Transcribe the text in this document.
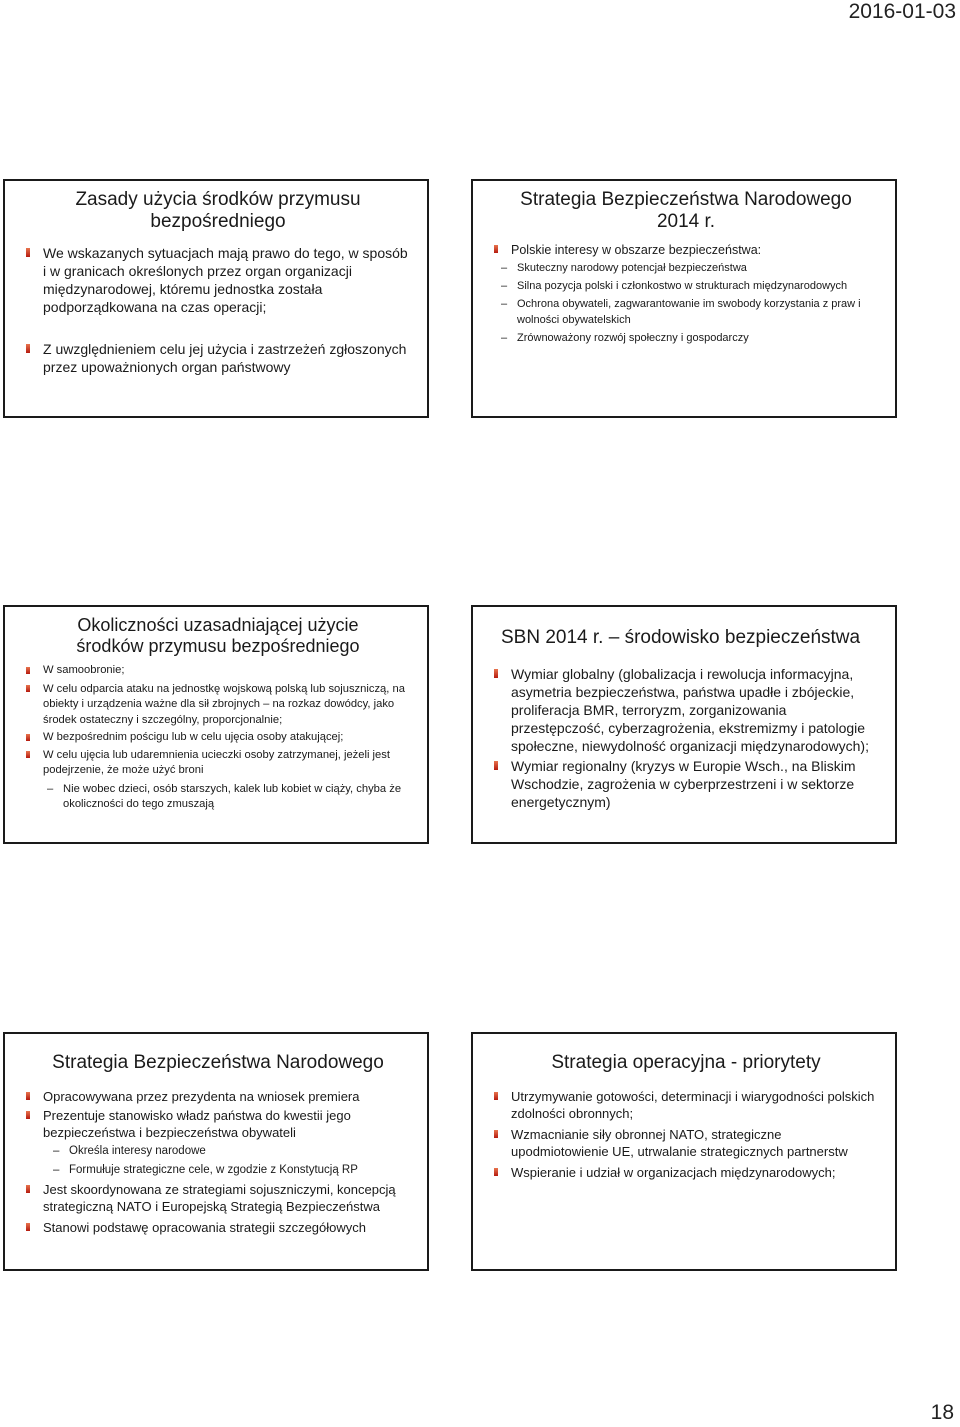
2016-01-03
Zasady użycia środków przymusu bezpośredniego
We wskazanych sytuacjach mają prawo do tego, w sposób i w granicach określonych przez organ organizacji międzynarodowej, któremu jednostka została podporządkowana na czas operacji;
Z uwzględnieniem celu jej użycia i zastrzeżeń zgłoszonych przez upoważnionych organ państwowy
Strategia Bezpieczeństwa Narodowego 2014 r.
Polskie interesy w obszarze bezpieczeństwa:
– Skuteczny narodowy potencjał bezpieczeństwa
– Silna pozycja polski i członkostwo w strukturach międzynarodowych
– Ochrona obywateli, zagwarantowanie im swobody korzystania z praw i wolności obywatelskich
– Zrównoważony rozwój społeczny i gospodarczy
Okoliczności uzasadniającej użycie środków przymusu bezpośredniego
W samoobronie;
W celu odparcia ataku na jednostkę wojskową polską lub sojuszniczą, na obiekty i urządzenia ważne dla sił zbrojnych – na rozkaz dowódcy, jako środek ostateczny i szczególny, proporcjonalnie;
W bezpośrednim pościgu lub w celu ujęcia osoby atakującej;
W celu ujęcia lub udaremnienia ucieczki osoby zatrzymanej, jeżeli jest podejrzenie, że może użyć broni
– Nie wobec dzieci, osób starszych, kalek lub kobiet w ciąży, chyba że okoliczności do tego zmuszają
SBN 2014 r. – środowisko bezpieczeństwa
Wymiar globalny (globalizacja i rewolucja informacyjna, asymetria bezpieczeństwa, państwa upadłe i zbójeckie, proliferacja BMR, terroryzm, zorganizowania przestępczość, cyberzagrożenia, ekstremizmy i patologie społeczne, niewydolność organizacji międzynarodowych);
Wymiar regionalny (kryzys w Europie Wsch., na Bliskim Wschodzie, zagrożenia w cyberprzestrzeni i w sektorze energetycznym)
Strategia Bezpieczeństwa Narodowego
Opracowywana przez prezydenta na wniosek premiera
Prezentuje stanowisko władz państwa do kwestii jego bezpieczeństwa i bezpieczeństwa obywateli
– Określa interesy narodowe
– Formułuje strategiczne cele, w zgodzie z Konstytucją RP
Jest skoordynowana ze strategiami sojuszniczymi, koncepcją strategiczną NATO i Europejską Strategią Bezpieczeństwa
Stanowi podstawę opracowania strategii szczegółowych
Strategia operacyjna - priorytety
Utrzymywanie gotowości, determinacji i wiarygodności polskich zdolności obronnych;
Wzmacnianie siły obronnej NATO, strategiczne upodmiotowienie UE, utrwalanie strategicznych partnerstw
Wspieranie i udział w organizacjach międzynarodowych;
18
